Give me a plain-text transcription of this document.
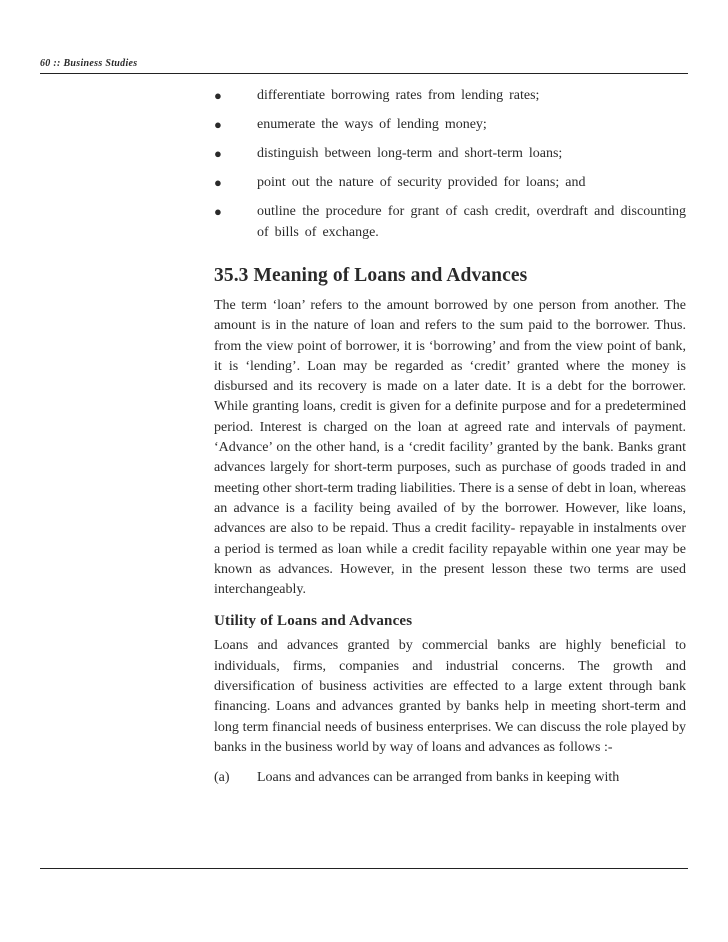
60 :: Business Studies
●	differentiate borrowing rates from lending rates;
●	enumerate the ways of lending money;
●	distinguish between long-term and short-term loans;
●	point out the nature of security provided for loans; and
●	outline the procedure for grant of cash credit, overdraft and discounting of bills of exchange.
35.3 Meaning of Loans and Advances

The term ‘loan’ refers to the amount borrowed by one person from another. The amount is in the nature of loan and refers to the sum paid to the borrower. Thus. from the view point of borrower, it is ‘borrowing’ and from the view point of bank, it is ‘lending’. Loan may be regarded as ‘credit’ granted where the money is disbursed and its recovery is made on a later date. It is a debt for the borrower. While granting loans, credit is given for a definite purpose and for a predetermined period. Interest is charged on the loan at agreed rate and intervals of payment. ‘Advance’ on the other hand, is a ‘credit facility’ granted by the bank. Banks grant advances largely for short-term purposes, such as purchase of goods traded in and meeting other short-term trading liabilities. There is a sense of debt in loan, whereas an advance is a facility being availed of by the borrower. However, like loans, advances are also to be repaid. Thus a credit facility- repayable in instalments over a period is termed as loan while a credit facility repayable within one year may be known as advances. However, in the present lesson these two terms are used interchangeably.

Utility of Loans and Advances

Loans and advances granted by commercial banks are highly beneficial to individuals, firms, companies and industrial concerns. The growth and diversification of business activities are effected to a large extent through bank financing. Loans and advances granted by banks help in meeting short-term and long term financial needs of business enterprises. We can discuss the role played by banks in the business world by way of loans and advances as follows :-

(a) Loans and advances can be arranged from banks in keeping with
